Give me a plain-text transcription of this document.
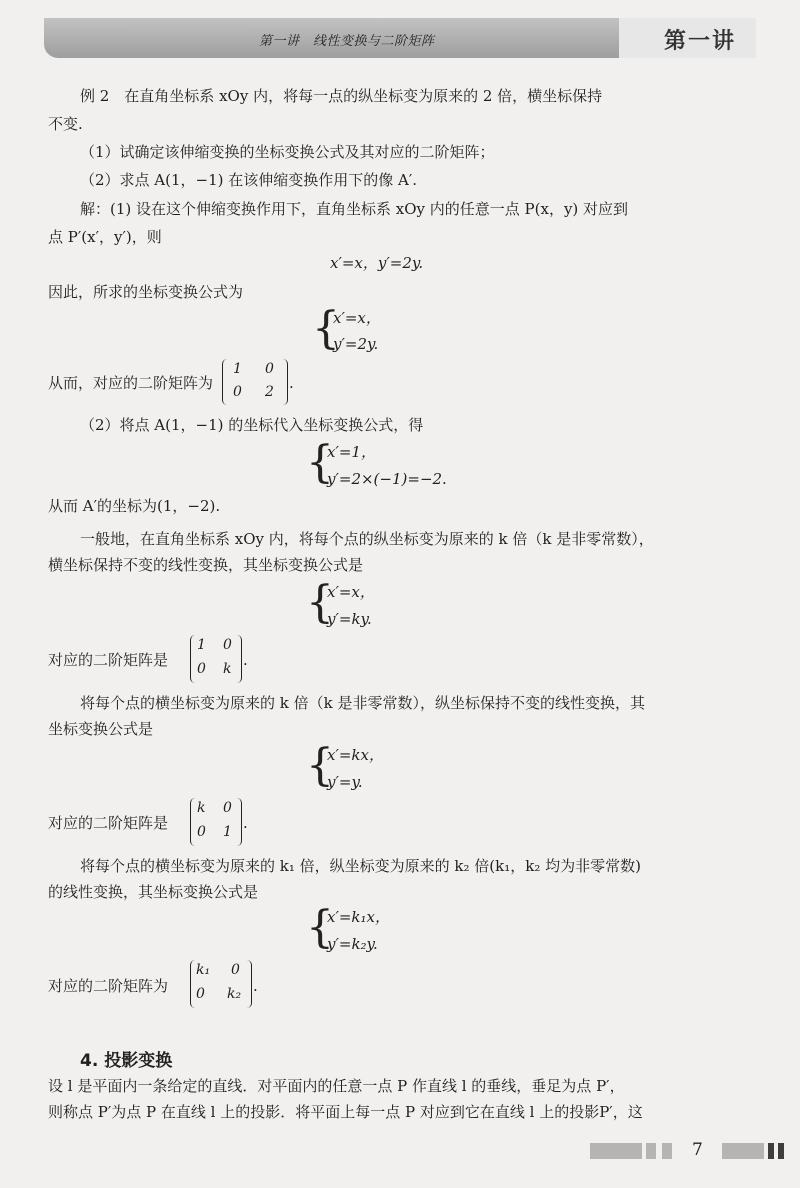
第一讲　线性变换与二阶矩阵	第一讲
例 2　在直角坐标系 xOy 内，将每一点的纵坐标变为原来的 2 倍，横坐标保持
不变.
（1）试确定该伸缩变换的坐标变换公式及其对应的二阶矩阵；
（2）求点 A(1，−1) 在该伸缩变换作用下的像 A′.
解：(1) 设在这个伸缩变换作用下，直角坐标系 xOy 内的任意一点 P(x，y) 对应到
点 P′(x′，y′)，则
x′=x，y′=2y.
因此，所求的坐标变换公式为
{
x′=x，
y′=2y.
从而，对应的二阶矩阵为
1 0
0 2 .
（2）将点 A(1，−1) 的坐标代入坐标变换公式，得
{
x′=1，
y′=2×(−1)=−2.
从而 A′的坐标为(1，−2).
一般地，在直角坐标系 xOy 内，将每个点的纵坐标变为原来的 k 倍（k 是非零常数），
横坐标保持不变的线性变换，其坐标变换公式是
{
x′=x，
y′=ky.
对应的二阶矩阵是
1 0
0 k .
将每个点的横坐标变为原来的 k 倍（k 是非零常数），纵坐标保持不变的线性变换，其
坐标变换公式是
{
x′=kx，
y′=y.
对应的二阶矩阵是
k 0
0 1 .
将每个点的横坐标变为原来的 k₁ 倍，纵坐标变为原来的 k₂ 倍(k₁，k₂ 均为非零常数)
的线性变换，其坐标变换公式是
{
x′=k₁x，
y′=k₂y.
对应的二阶矩阵为
k₁ 0
0 k₂ .
4. 投影变换
设 l 是平面内一条给定的直线．对平面内的任意一点 P 作直线 l 的垂线，垂足为点 P′，
则称点 P′为点 P 在直线 l 上的投影．将平面上每一点 P 对应到它在直线 l 上的投影P′，这
7
